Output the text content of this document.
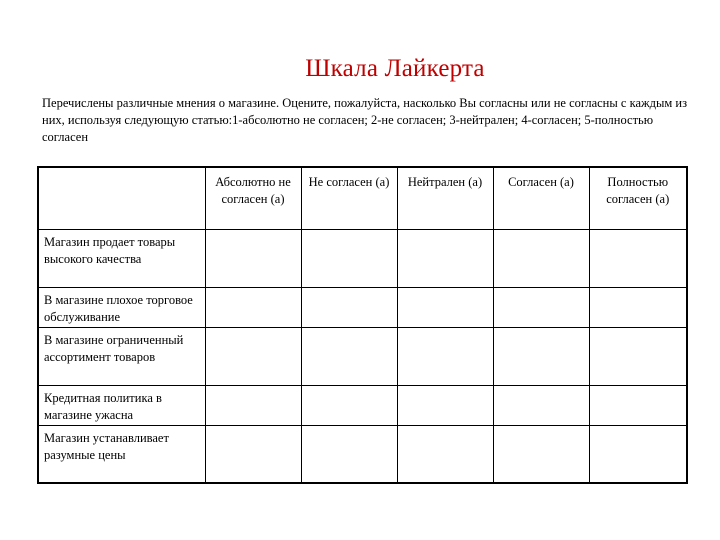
Шкала Лайкерта

Перечислены различные мнения о магазине. Оцените, пожалуйста, насколько Вы согласны или не согласны с каждым из них, используя следующую статью:1-абсолютно не согласен; 2-не согласен; 3-нейтрален; 4-согласен; 5-полностью согласен

	Абсолютно не согласен (а)	Не согласен (а)	Нейтрален (а)	Согласен (а)	Полностью согласен (а)
Магазин продает товары высокого качества					
В магазине плохое торговое обслуживание					
В магазине ограниченный ассортимент товаров					
Кредитная политика в магазине ужасна					
Магазин устанавливает разумные цены					
